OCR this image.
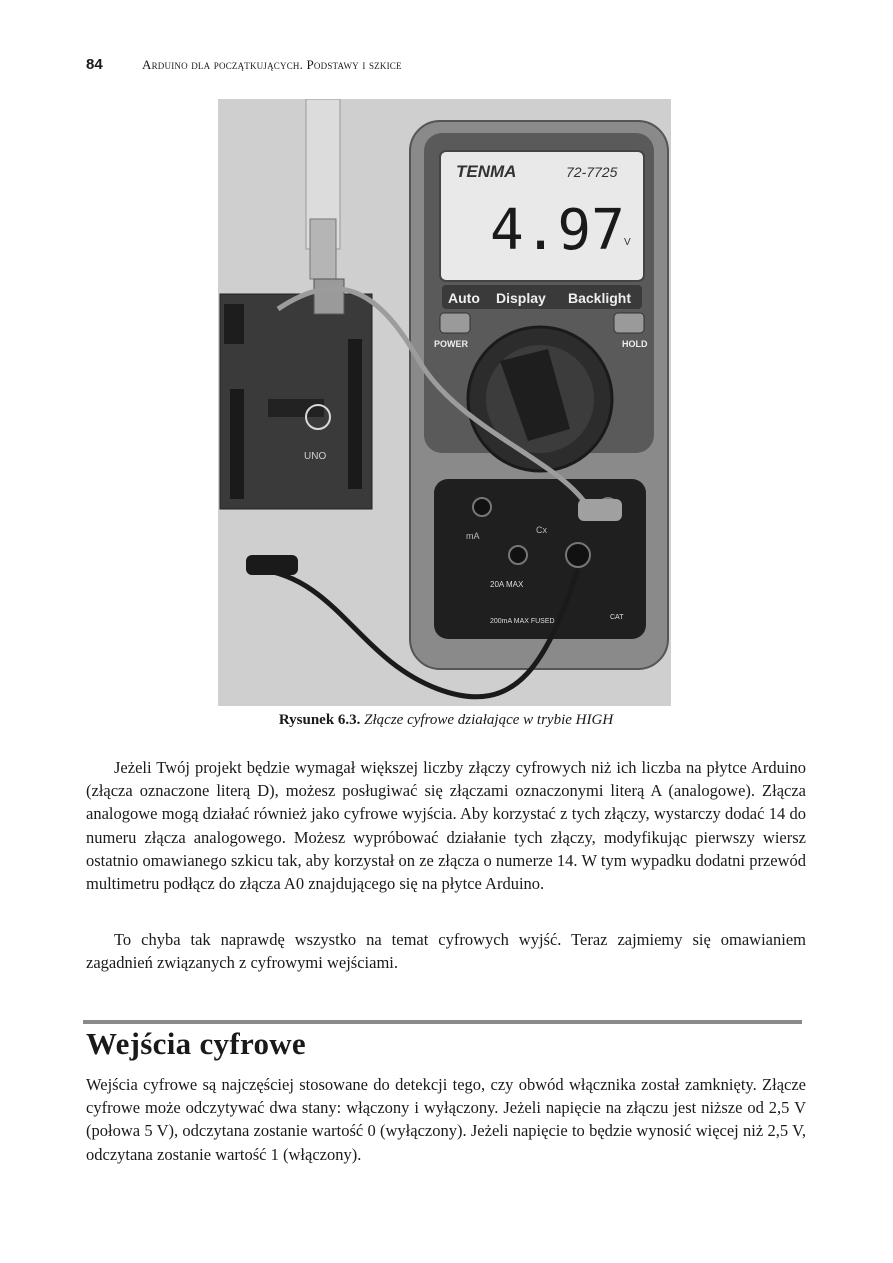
84	Arduino dla początkujących. Podstawy i szkice
UNO
TENMA	72-7725
4.97 V
Auto Display Backlight
POWER	HOLD
mA
Cx
20A MAX
200mA MAX FUSED
CAT
Rysunek 6.3. Złącze cyfrowe działające w trybie HIGH

Jeżeli Twój projekt będzie wymagał większej liczby złączy cyfrowych niż ich liczba na płytce Arduino (złącza oznaczone literą D), możesz posługiwać się złączami oznaczonymi literą A (analogowe). Złącza analogowe mogą działać również jako cyfrowe wyjścia. Aby korzystać z tych złączy, wystarczy dodać 14 do numeru złącza analogowego. Możesz wypróbować działanie tych złączy, modyfikując pierwszy wiersz ostatnio omawianego szkicu tak, aby korzystał on ze złącza o numerze 14. W tym wypadku dodatni przewód multimetru podłącz do złącza A0 znajdującego się na płytce Arduino.

To chyba tak naprawdę wszystko na temat cyfrowych wyjść. Teraz zajmiemy się omawianiem zagadnień związanych z cyfrowymi wejściami.

Wejścia cyfrowe

Wejścia cyfrowe są najczęściej stosowane do detekcji tego, czy obwód włącznika został zamknięty. Złącze cyfrowe może odczytywać dwa stany: włączony i wyłączony. Jeżeli napięcie na złączu jest niższe od 2,5 V (połowa 5 V), odczytana zostanie wartość 0 (wyłączony). Jeżeli napięcie to będzie wynosić więcej niż 2,5 V, odczytana zostanie wartość 1 (włączony).
